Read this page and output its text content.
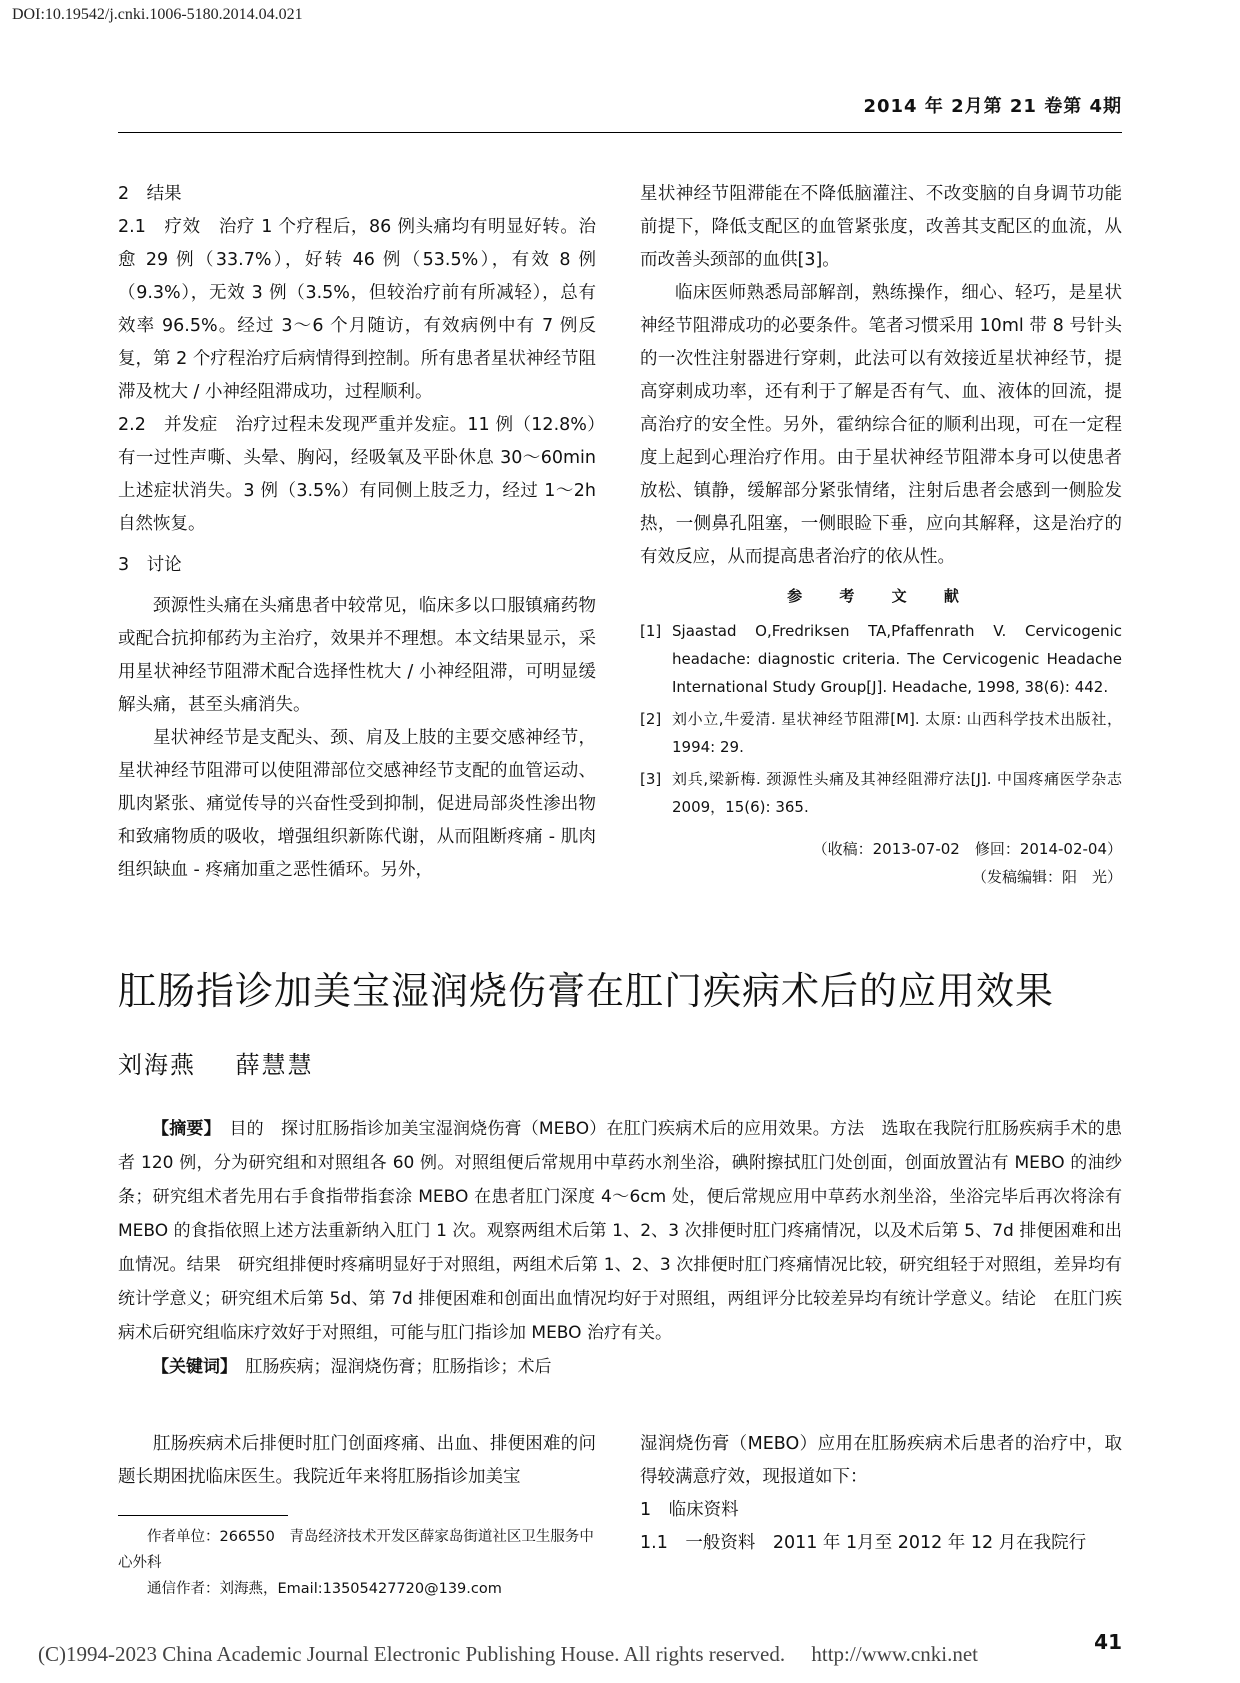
DOI:10.19542/j.cnki.1006-5180.2014.04.021
2014 年 2月第 21 卷第 4期

2　结果

2.1　疗效　治疗 1 个疗程后，86 例头痛均有明显好转。治愈 29 例（33.7%），好转 46 例（53.5%），有效 8 例（9.3%），无效 3 例（3.5%，但较治疗前有所减轻），总有效率 96.5%。经过 3～6 个月随访，有效病例中有 7 例反复，第 2 个疗程治疗后病情得到控制。所有患者星状神经节阻滞及枕大 / 小神经阻滞成功，过程顺利。

2.2　并发症　治疗过程未发现严重并发症。11 例（12.8%）有一过性声嘶、头晕、胸闷，经吸氧及平卧休息 30～60min 上述症状消失。3 例（3.5%）有同侧上肢乏力，经过 1～2h 自然恢复。

3　讨论

颈源性头痛在头痛患者中较常见，临床多以口服镇痛药物或配合抗抑郁药为主治疗，效果并不理想。本文结果显示，采用星状神经节阻滞术配合选择性枕大 / 小神经阻滞，可明显缓解头痛，甚至头痛消失。

星状神经节是支配头、颈、肩及上肢的主要交感神经节，星状神经节阻滞可以使阻滞部位交感神经节支配的血管运动、肌肉紧张、痛觉传导的兴奋性受到抑制，促进局部炎性渗出物和致痛物质的吸收，增强组织新陈代谢，从而阻断疼痛 - 肌肉组织缺血 - 疼痛加重之恶性循环。另外，

星状神经节阻滞能在不降低脑灌注、不改变脑的自身调节功能前提下，降低支配区的血管紧张度，改善其支配区的血流，从而改善头颈部的血供[3]。

临床医师熟悉局部解剖，熟练操作，细心、轻巧，是星状神经节阻滞成功的必要条件。笔者习惯采用 10ml 带 8 号针头的一次性注射器进行穿刺，此法可以有效接近星状神经节，提高穿刺成功率，还有利于了解是否有气、血、液体的回流，提高治疗的安全性。另外，霍纳综合征的顺利出现，可在一定程度上起到心理治疗作用。由于星状神经节阻滞本身可以使患者放松、镇静，缓解部分紧张情绪，注射后患者会感到一侧脸发热，一侧鼻孔阻塞，一侧眼睑下垂，应向其解释，这是治疗的有效反应，从而提高患者治疗的依从性。

参 考 文 献
[1] Sjaastad O,Fredriksen TA,Pfaffenrath V. Cervicogenic headache: diagnostic criteria. The Cervicogenic Headache International Study Group[J]. Headache, 1998, 38(6): 442.
[2] 刘小立,牛爱清. 星状神经节阻滞[M]. 太原: 山西科学技术出版社，1994: 29.
[3] 刘兵,梁新梅. 颈源性头痛及其神经阻滞疗法[J]. 中国疼痛医学杂志 2009，15(6): 365.
（收稿：2013-07-02　修回：2014-02-04）
（发稿编辑：阳　光）
肛肠指诊加美宝湿润烧伤膏在肛门疾病术后的应用效果
刘海燕 薛慧慧

【摘要】　 目的　探讨肛肠指诊加美宝湿润烧伤膏（MEBO）在肛门疾病术后的应用效果。方法　选取在我院行肛肠疾病手术的患者 120 例，分为研究组和对照组各 60 例。对照组便后常规用中草药水剂坐浴，碘附擦拭肛门处创面，创面放置沾有 MEBO 的油纱条；研究组术者先用右手食指带指套涂 MEBO 在患者肛门深度 4～6cm 处，便后常规应用中草药水剂坐浴，坐浴完毕后再次将涂有 MEBO 的食指依照上述方法重新纳入肛门 1 次。观察两组术后第 1、2、3 次排便时肛门疼痛情况，以及术后第 5、7d 排便困难和出血情况。结果　研究组排便时疼痛明显好于对照组，两组术后第 1、2、3 次排便时肛门疼痛情况比较，研究组轻于对照组，差异均有统计学意义；研究组术后第 5d、第 7d 排便困难和创面出血情况均好于对照组，两组评分比较差异均有统计学意义。结论　在肛门疾病术后研究组临床疗效好于对照组，可能与肛门指诊加 MEBO 治疗有关。

【关键词】　 肛肠疾病；湿润烧伤膏；肛肠指诊；术后

肛肠疾病术后排便时肛门创面疼痛、出血、排便困难的问题长期困扰临床医生。我院近年来将肛肠指诊加美宝

湿润烧伤膏（MEBO）应用在肛肠疾病术后患者的治疗中，取得较满意疗效，现报道如下：

1　临床资料

1.1　一般资料　2011 年 1月至 2012 年 12 月在我院行

作者单位：266550　青岛经济技术开发区薛家岛街道社区卫生服务中心外科

通信作者：刘海燕，Email:13505427720@139.com

(C)1994-2023 China Academic Journal Electronic Publishing House. All rights reserved.　 http://www.cnki.net	41
